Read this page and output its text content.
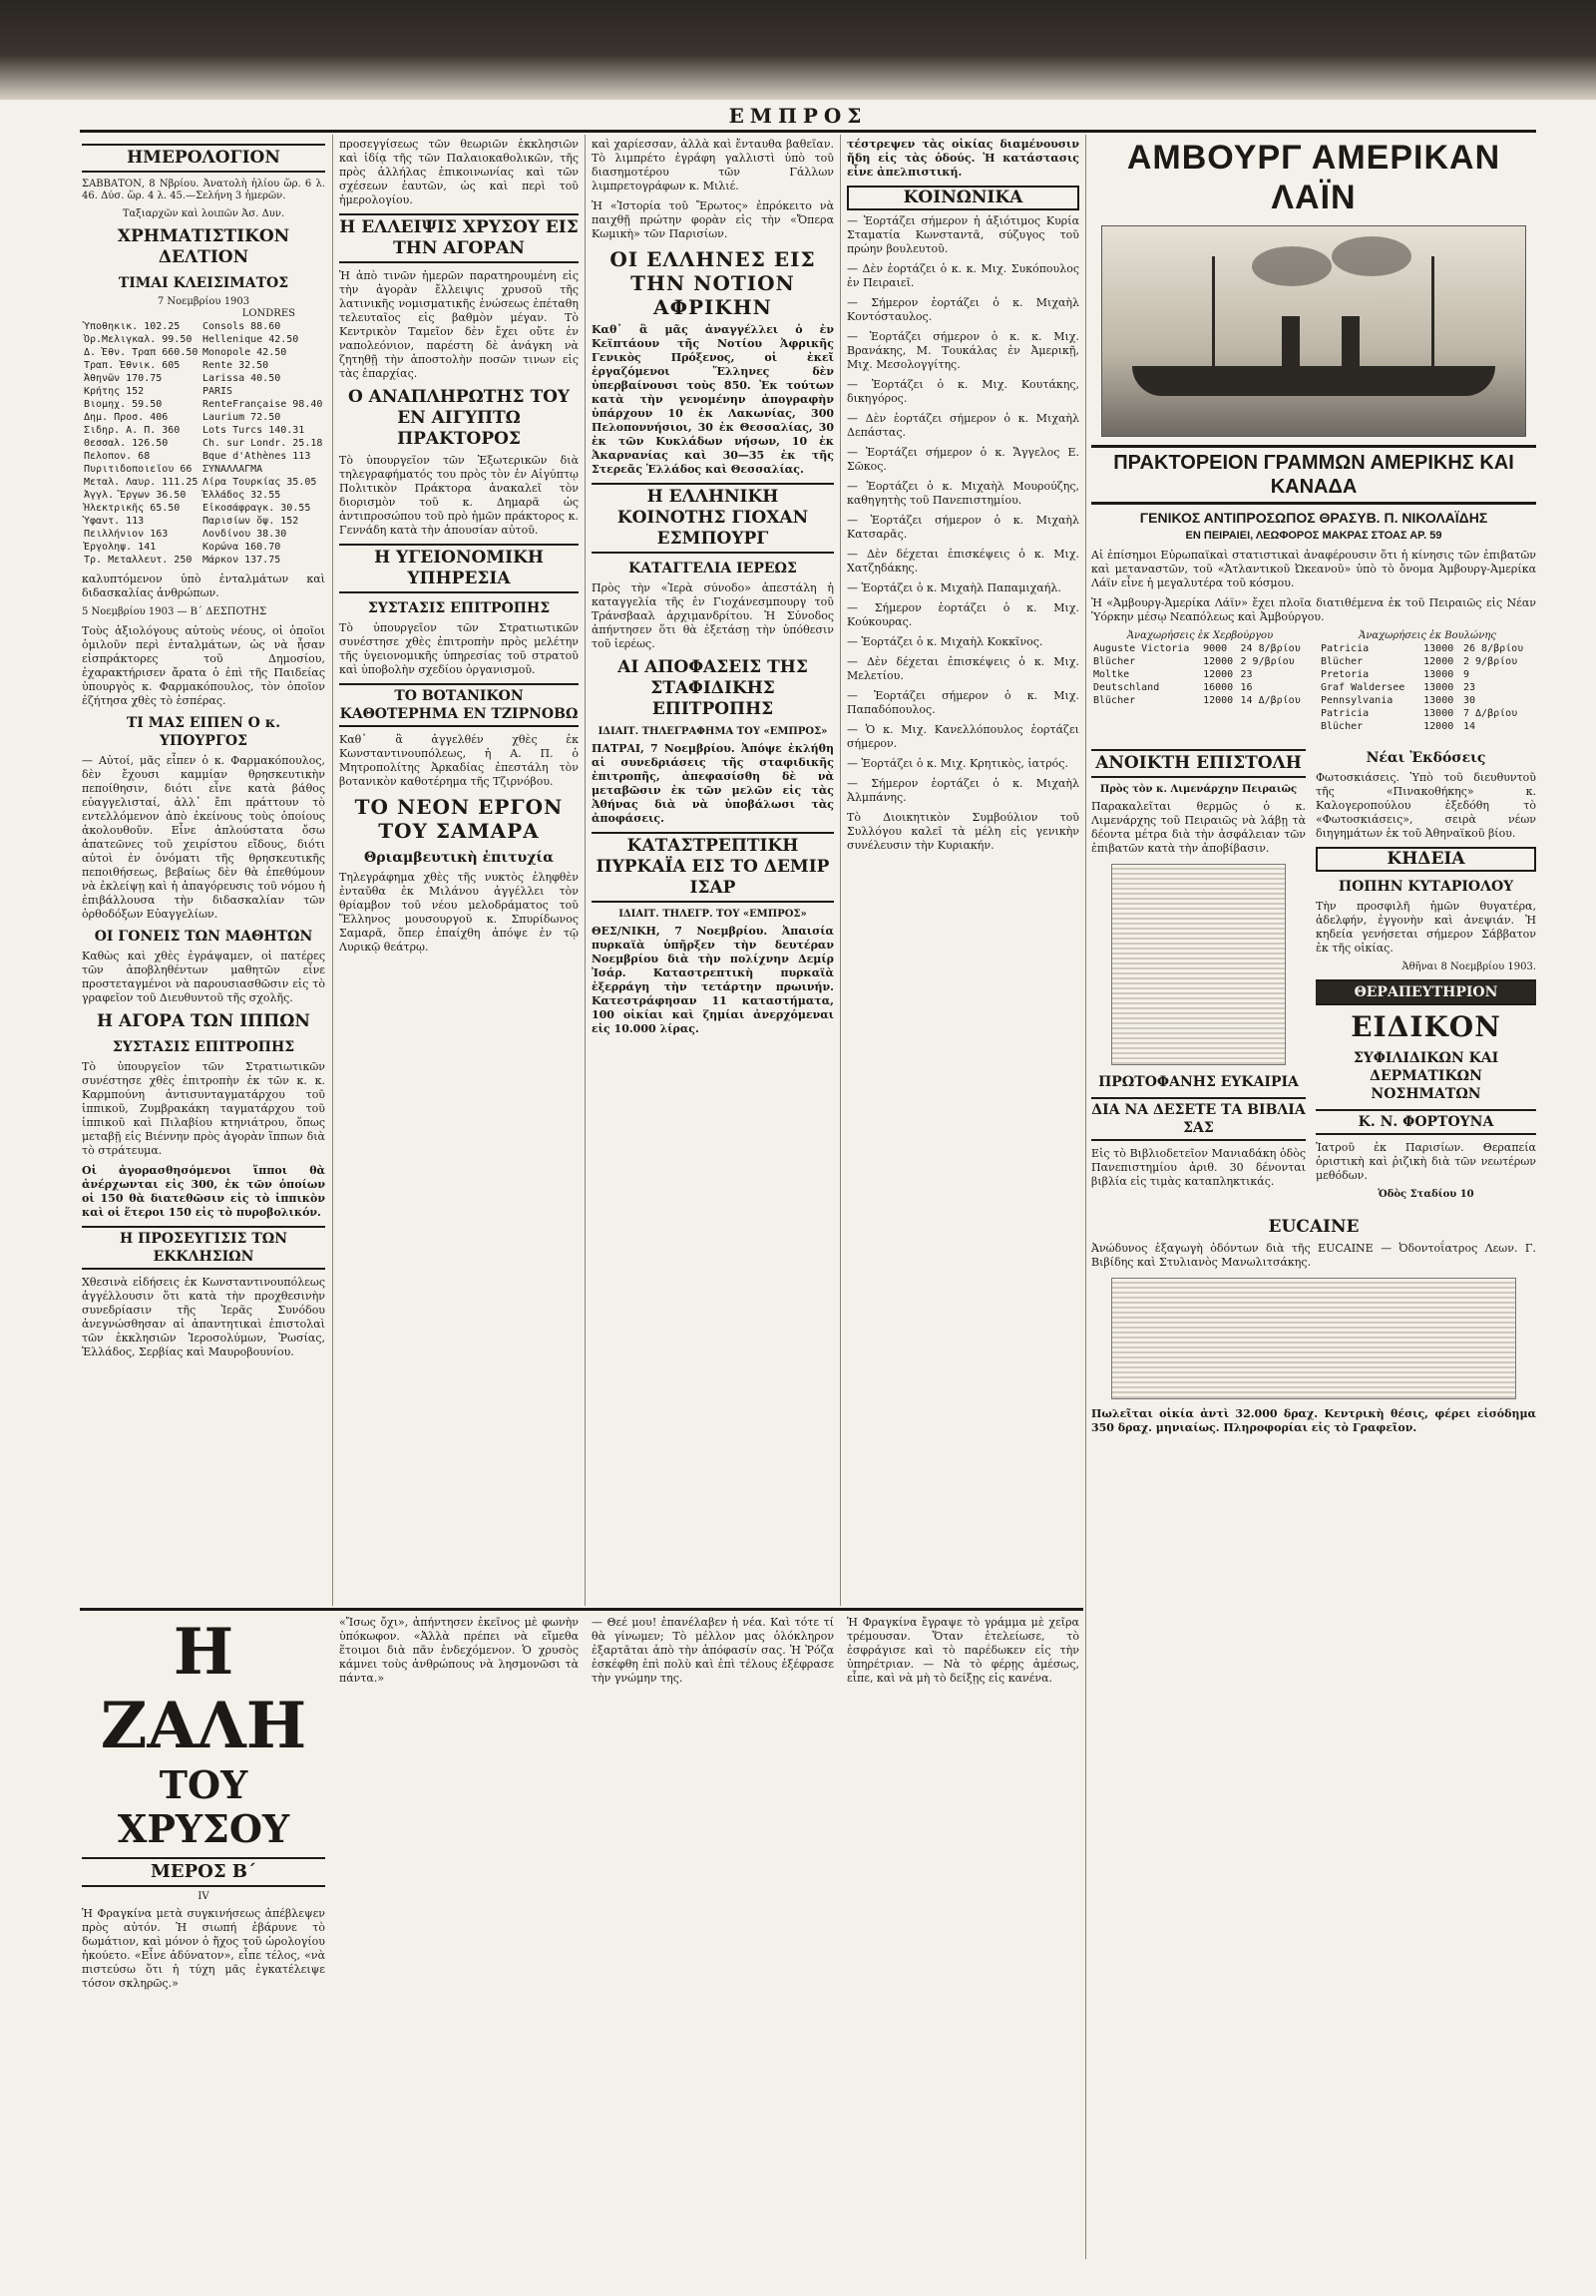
ΕΜΠΡΟΣ
ΗΜΕΡΟΛΟΓΙΟΝ

ΣΑΒΒΑΤΟΝ, 8 Νβρίου. Ἀνατολὴ ἡλίου ὥρ. 6 λ. 46. Δύσ. ὥρ. 4 λ. 45.—Σελήνη 3 ἡμερῶν.

Ταξιαρχῶν καὶ λοιπῶν Ἀσ. Δυν.

ΧΡΗΜΑΤΙΣΤΙΚΟΝ ΔΕΛΤΙΟΝ
ΤΙΜΑΙ ΚΛΕΙΣΙΜΑΤΟΣ
7 Νοεμβρίου 1903
LONDRES
Ὑποθηκικ. 102.25	Consols 88.60
Ὀρ.Μελιγκαλ. 99.50	Hellenique 42.50
Δ. Ἐθν. Τραπ 660.50	Monopole 42.50
Τραπ. Ἐθνικ. 605	Rente 32.50
Ἀθηνῶν 170.75	Larissa 40.50
Κρήτης 152	PARIS
Βιομηχ. 59.50	RenteFrançaise 98.40
Δημ. Προσ. 406	Laurium 72.50
Σιδηρ. Α. Π. 360	Lots Turcs 140.31
Θεσσαλ. 126.50	Ch. sur Londr. 25.18
Πελοπον. 68	Bque d'Athènes 113
Πυριτιδοποιεῖου 66	ΣΥΝΑΛΛΑΓΜΑ
Μεταλ. Λαυρ. 111.25	Λίρα Τουρκίας 35.05
Ἀγγλ. Ἔργων 36.50	Ἑλλάδος 32.55
Ἠλεκτρικῆς 65.50	Εἰκοσάφραγκ. 30.55
Ὑφαντ. 113	Παρισίων ὄψ. 152
Πειλλήνιον 163	Λονδίνου 38.30
Ἐργοληψ. 141	Κορώνα 160.70
Τρ. Μεταλλευτ. 250	Μάρκον 137.75

καλυπτόμενον ὑπὸ ἐνταλμάτων καὶ διδασκαλίας ἀνθρώπων.

5 Νοεμβρίου 1903 — Β΄ ΔΕΣΠΟΤΗΣ

Τοὺς ἀξιολόγους αὐτοὺς νέους, οἱ ὁποῖοι ὁμιλοῦν περὶ ἐνταλμάτων, ὡς νὰ ἦσαν εἰσπράκτορες τοῦ Δημοσίου, ἐχαρακτήρισεν ἄρατα ὁ ἐπὶ τῆς Παιδείας ὑπουργὸς κ. Φαρμακόπουλος, τὸν ὁποῖον ἐζήτησα χθὲς τὸ ἑσπέρας.

ΤΙ ΜΑΣ ΕΙΠΕΝ Ο κ. ΥΠΟΥΡΓΟΣ

— Αὐτοί, μᾶς εἶπεν ὁ κ. Φαρμακόπουλος, δὲν ἔχουσι καμμίαν θρησκευτικὴν πεποίθησιν, διότι εἶνε κατὰ βάθος εὐαγγελισταί, ἀλλ᾿ ἔπι πράττουν τὸ εντελλόμενον ἀπὸ ἐκείνους τοὺς ὁποίους ἀκολουθοῦν. Εἶνε ἀπλούστατα ὄσω ἀπατεῶνες τοῦ χειρίστου εἴδους, διότι αὐτοὶ ἐν ὀνόματι τῆς θρησκευτικῆς πεποιθήσεως, βεβαίως δὲν θὰ ἐπεθύμουν νὰ ἐκλείψῃ καὶ ἡ ἀπαγόρευσις τοῦ νόμου ἡ ἐπιβάλλουσα τὴν διδασκαλίαν τῶν ὀρθοδόξων Εὐαγγελίων.

ΟΙ ΓΟΝΕΙΣ ΤΩΝ ΜΑΘΗΤΩΝ

Καθὼς καὶ χθὲς ἐγράψαμεν, οἱ πατέρες τῶν ἀποβληθέντων μαθητῶν εἶνε προστεταγμένοι νὰ παρουσιασθῶσιν εἰς τὸ γραφεῖον τοῦ Διευθυντοῦ τῆς σχολῆς.

Η ΑΓΟΡΑ ΤΩΝ ΙΠΠΩΝ
ΣΥΣΤΑΣΙΣ ΕΠΙΤΡΟΠΗΣ

Τὸ ὑπουργεῖον τῶν Στρατιωτικῶν συνέστησε χθὲς ἐπιτροπὴν ἐκ τῶν κ. κ. Καρμπούνη ἀντισυνταγματάρχου τοῦ ἱππικοῦ, Ζυμβρακάκη ταγματάρχου τοῦ ἱππικοῦ καὶ Πιλαβίου κτηνιάτρου, ὅπως μεταβῇ εἰς Βιέννην πρὸς ἀγορὰν ἵππων διὰ τὸ στράτευμα.

Οἱ ἀγορασθησόμενοι ἵπποι θὰ ἀνέρχωνται εἰς 300, ἐκ τῶν ὁποίων οἱ 150 θὰ διατεθῶσιν εἰς τὸ ἱππικὸν καὶ οἱ ἕτεροι 150 εἰς τὸ πυροβολικόν.

Η ΠΡΟΣΕΥΓΙΣΙΣ ΤΩΝ ΕΚΚΛΗΣΙΩΝ

Χθεσινὰ εἰδήσεις ἐκ Κωνσταντινουπόλεως ἀγγέλλουσιν ὅτι κατὰ τὴν προχθεσινὴν συνεδρίασιν τῆς Ἱερᾶς Συνόδου ἀνεγνώσθησαν αἱ ἀπαντητικαὶ ἐπιστολαὶ τῶν ἐκκλησιῶν Ἱεροσολύμων, Ῥωσίας, Ἑλλάδος, Σερβίας καὶ Μαυροβουνίου.

προσεγγίσεως τῶν θεωριῶν ἐκκλησιῶν καὶ ἰδίᾳ τῆς τῶν Παλαιοκαθολικῶν, τῆς πρὸς ἀλλήλας ἐπικοινωνίας καὶ τῶν σχέσεων ἑαυτῶν, ὡς καὶ περὶ τοῦ ἡμερολογίου.

Η ΕΛΛΕΙΨΙΣ ΧΡΥΣΟΥ ΕΙΣ ΤΗΝ ΑΓΟΡΑΝ

Ἡ ἀπὸ τινῶν ἡμερῶν παρατηρουμένη εἰς τὴν ἀγορὰν ἔλλειψις χρυσοῦ τῆς λατινικῆς νομισματικῆς ἑνώσεως ἐπέταθη τελευταῖος εἰς βαθμὸν μέγαν. Τὸ Κεντρικὸν Ταμεῖον δὲν ἔχει οὔτε ἐν ναπολεόνιον, παρέστη δὲ ἀνάγκη νὰ ζητηθῇ τὴν ἀποστολὴν ποσῶν τινων εἰς τὰς ἐπαρχίας.

Ο ΑΝΑΠΛΗΡΩΤΗΣ ΤΟΥ ΕΝ ΑΙΓΥΠΤΩ ΠΡΑΚΤΟΡΟΣ

Τὸ ὑπουργεῖον τῶν Ἐξωτερικῶν διὰ τηλεγραφήματός του πρὸς τὸν ἐν Αἰγύπτῳ Πολιτικὸν Πράκτορα ἀνακαλεῖ τὸν διορισμὸν τοῦ κ. Δημαρᾶ ὡς ἀντιπροσώπου τοῦ πρὸ ἡμῶν πράκτορος κ. Γεννάδη κατὰ τὴν ἀπουσίαν αὐτοῦ.

Η ΥΓΕΙΟΝΟΜΙΚΗ ΥΠΗΡΕΣΙΑ
ΣΥΣΤΑΣΙΣ ΕΠΙΤΡΟΠΗΣ

Τὸ ὑπουργεῖον τῶν Στρατιωτικῶν συνέστησε χθὲς ἐπιτροπὴν πρὸς μελέτην τῆς ὑγειονομικῆς ὑπηρεσίας τοῦ στρατοῦ καὶ ὑποβολὴν σχεδίου ὀργανισμοῦ.

ΤΟ ΒΟΤΑΝΙΚΟΝ ΚΑΘΟΤΕΡΗΜΑ ΕΝ ΤΖΙΡΝΟΒΩ

Καθ᾿ ἃ ἀγγελθέν χθὲς ἐκ Κωνσταντινουπόλεως, ἡ Α. Π. ὁ Μητροπολίτης Ἀρκαδίας ἐπεστάλη τὸν βοτανικὸν καθοτέρημα τῆς Τζιρνόβου.

ΤΟ ΝΕΟΝ ΕΡΓΟΝ ΤΟΥ ΣΑΜΑΡΑ
Θριαμβευτικὴ ἐπιτυχία

Τηλεγράφημα χθὲς τῆς νυκτὸς ἐληφθὲν ἐνταῦθα ἐκ Μιλάνου ἀγγέλλει τὸν θρίαμβον τοῦ νέου μελοδράματος τοῦ Ἕλληνος μουσουργοῦ κ. Σπυρίδωνος Σαμαρᾶ, ὅπερ ἐπαίχθη ἀπόψε ἐν τῷ Λυρικῷ θεάτρῳ.

καὶ χαρίεσσαν, ἀλλὰ καὶ ἔνταυθα βαθεῖαν. Τὸ λιμπρέτο ἐγράφη γαλλιστὶ ὑπὸ τοῦ διασημοτέρου τῶν Γάλλων λιμπρετογράφων κ. Μιλιέ.

Ἡ «Ἱστορία τοῦ Ἔρωτος» ἐπρόκειτο νὰ παιχθῇ πρώτην φορὰν εἰς τὴν «Ὄπερα Κωμικὴ» τῶν Παρισίων.

ΟΙ ΕΛΛΗΝΕΣ ΕΙΣ ΤΗΝ ΝΟΤΙΟΝ ΑΦΡΙΚΗΝ

Καθ᾿ ἃ μᾶς ἀναγγέλλει ὁ ἐν Κεϊπτάουν τῆς Νοτίου Ἀφρικῆς Γενικὸς Πρόξενος, οἱ ἐκεῖ ἐργαζόμενοι Ἕλληνες δὲν ὑπερβαίνουσι τοὺς 850. Ἐκ τούτων κατὰ τὴν γενομένην ἀπογραφὴν ὑπάρχουν 10 ἐκ Λακωνίας, 300 Πελοποννήσιοι, 30 ἐκ Θεσσαλίας, 30 ἐκ τῶν Κυκλάδων νήσων, 10 ἐκ Ἀκαρνανίας καὶ 30—35 ἐκ τῆς Στερεᾶς Ἑλλάδος καὶ Θεσσαλίας.

Η ΕΛΛΗΝΙΚΗ ΚΟΙΝΟΤΗΣ ΓΙΟΧΑΝ ΕΣΜΠΟΥΡΓ
ΚΑΤΑΓΓΕΛΙΑ ΙΕΡΕΩΣ

Πρὸς τὴν «Ἱερὰ σύνοδο» ἀπεστάλη ἡ καταγγελία τῆς ἐν Γιοχάνεσμπουργ τοῦ Τράνσβααλ ἀρχιμανδρίτου. Ἡ Σύνοδος ἀπήντησεν ὅτι θὰ ἐξετάσῃ τὴν ὑπόθεσιν τοῦ ἱερέως.

ΑΙ ΑΠΟΦΑΣΕΙΣ ΤΗΣ ΣΤΑΦΙΔΙΚΗΣ ΕΠΙΤΡΟΠΗΣ
ΙΔΙΑΙΤ. ΤΗΛΕΓΡΑΦΗΜΑ ΤΟΥ «ΕΜΠΡΟΣ»

ΠΑΤΡΑΙ, 7 Νοεμβρίου. Ἀπόψε ἐκλήθη αἱ συνεδριάσεις τῆς σταφιδικῆς ἐπιτροπῆς, ἀπεφασίσθη δὲ νὰ μεταβῶσιν ἐκ τῶν μελῶν εἰς τὰς Ἀθήνας διὰ νὰ ὑποβάλωσι τὰς ἀποφάσεις.

ΚΑΤΑΣΤΡΕΠΤΙΚΗ ΠΥΡΚΑΪΑ ΕΙΣ ΤΟ ΔΕΜΙΡ ΙΣΑΡ
ΙΔΙΑΙΤ. ΤΗΛΕΓΡ. ΤΟΥ «ΕΜΠΡΟΣ»

ΘΕΣ/ΝΙΚΗ, 7 Νοεμβρίου. Ἀπαισία πυρκαϊὰ ὑπῆρξεν τὴν δευτέραν Νοεμβρίου διὰ τὴν πολίχνην Δεμίρ Ἰσάρ. Καταστρεπτικὴ πυρκαϊὰ ἐξερράγη τὴν τετάρτην πρωινήν. Κατεστράφησαν 11 καταστήματα, 100 οἰκίαι καὶ ζημίαι ἀνερχόμεναι εἰς 10.000 λίρας.

τέστρεψεν τὰς οἰκίας διαμένουσιν ἤδη εἰς τὰς ὁδούς. Ἡ κατάστασις εἶνε ἀπελπιστική.

ΚΟΙΝΩΝΙΚΑ

— Ἑορτάζει σήμερον ἡ ἀξιότιμος Κυρία Σταματία Κωνσταντᾶ, σύζυγος τοῦ πρώην βουλευτοῦ.

— Δὲν ἑορτάζει ὁ κ. κ. Μιχ. Συκόπουλος ἐν Πειραιεῖ.

— Σήμερον ἑορτάζει ὁ κ. Μιχαὴλ Κοντόσταυλος.

— Ἑορτάζει σήμερον ὁ κ. κ. Μιχ. Βρανάκης, Μ. Τουκάλας ἐν Ἀμερικῇ, Μιχ. Μεσολογγίτης.

— Ἑορτάζει ὁ κ. Μιχ. Κουτάκης, δικηγόρος.

— Δὲν ἑορτάζει σήμερον ὁ κ. Μιχαὴλ Δεπάστας.

— Ἑορτάζει σήμερον ὁ κ. Ἄγγελος Ε. Σῶκος.

— Ἑορτάζει ὁ κ. Μιχαὴλ Μουρούζης, καθηγητὴς τοῦ Πανεπιστημίου.

— Ἑορτάζει σήμερον ὁ κ. Μιχαὴλ Κατσαρᾶς.

— Δὲν δέχεται ἐπισκέψεις ὁ κ. Μιχ. Χατζηδάκης.

— Ἑορτάζει ὁ κ. Μιχαὴλ Παπαμιχαήλ.

— Σήμερον ἑορτάζει ὁ κ. Μιχ. Κούκουρας.

— Ἑορτάζει ὁ κ. Μιχαὴλ Κοκκῖνος.

— Δὲν δέχεται ἐπισκέψεις ὁ κ. Μιχ. Μελετίου.

— Ἑορτάζει σήμερον ὁ κ. Μιχ. Παπαδόπουλος.

— Ὁ κ. Μιχ. Κανελλόπουλος ἑορτάζει σήμερον.

— Ἑορτάζει ὁ κ. Μιχ. Κρητικὸς, ἰατρός.

— Σήμερον ἑορτάζει ὁ κ. Μιχαὴλ Ἀλμπάνης.

Τὸ Διοικητικὸν Συμβούλιον τοῦ Συλλόγου καλεῖ τὰ μέλη εἰς γενικὴν συνέλευσιν τὴν Κυριακήν.

ΑΜΒΟΥΡΓ ΑΜΕΡΙΚΑΝ ΛΑΪΝ
ΠΡΑΚΤΟΡΕΙΟΝ ΓΡΑΜΜΩΝ ΑΜΕΡΙΚΗΣ ΚΑΙ ΚΑΝΑΔΑ
ΓΕΝΙΚΟΣ ΑΝΤΙΠΡΟΣΩΠΟΣ ΘΡΑΣΥΒ. Π. ΝΙΚΟΛΑΪΔΗΣ
ΕΝ ΠΕΙΡΑΙΕΙ, ΛΕΩΦΟΡΟΣ ΜΑΚΡΑΣ ΣΤΟΑΣ ΑΡ. 59

Αἱ ἐπίσημοι Εὐρωπαϊκαὶ στατιστικαὶ ἀναφέρουσιν ὅτι ἡ κίνησις τῶν ἐπιβατῶν καὶ μεταναστῶν, τοῦ «Ἀτλαντικοῦ Ὠκεανοῦ» ὑπὸ τὸ ὄνομα Ἀμβουργ-Ἀμερίκα Λάϊν εἶνε ἡ μεγαλυτέρα τοῦ κόσμου.

Ἡ «Ἀμβουργ-Ἀμερίκα Λάϊν» ἔχει πλοῖα διατιθέμενα ἐκ τοῦ Πειραιῶς εἰς Νέαν Ὑόρκην μέσῳ Νεαπόλεως καὶ Ἀμβούργου.

Ἀναχωρήσεις ἐκ Χερβούργου
Auguste Victoria	9000	24 8/βρίου
Blücher	12000	2 9/βρίου
Moltke	12000	23
Deutschland	16000	16
Blücher	12000	14 Δ/βρίου
Ἀναχωρήσεις ἐκ Βουλώνης
Patricia	13000	26 8/βρίου
Blücher	12000	2 9/βρίου
Pretoria	13000	9
Graf Waldersee	13000	23
Pennsylvania	13000	30
Patricia	13000	7 Δ/βρίου
Blücher	12000	14
ΑΝΟΙΚΤΗ ΕΠΙΣΤΟΛΗ
Πρὸς τὸν κ. Λιμενάρχην Πειραιῶς

Παρακαλεῖται θερμῶς ὁ κ. Λιμενάρχης τοῦ Πειραιῶς νὰ λάβῃ τὰ δέοντα μέτρα διὰ τὴν ἀσφάλειαν τῶν ἐπιβατῶν κατὰ τὴν ἀποβίβασιν.

ΠΡΩΤΟΦΑΝΗΣ ΕΥΚΑΙΡΙΑ
ΔΙΑ ΝΑ ΔΕΣΕΤΕ ΤΑ ΒΙΒΛΙΑ ΣΑΣ

Εἰς τὸ Βιβλιοδετεῖον Μανιαδάκη ὁδὸς Πανεπιστημίου ἀριθ. 30 δένονται βιβλία εἰς τιμὰς καταπληκτικάς.

Νέαι Ἐκδόσεις

Φωτοσκιάσεις. Ὑπὸ τοῦ διευθυντοῦ τῆς «Πινακοθήκης» κ. Καλογεροπούλου ἐξεδόθη τὸ «Φωτοσκιάσεις», σειρὰ νέων διηγημάτων ἐκ τοῦ Ἀθηναϊκοῦ βίου.

ΚΗΔΕΙΑ
ΠΟΠΗΝ ΚΥΤΑΡΙΟΛΟΥ

Τὴν προσφιλῆ ἡμῶν θυγατέρα, ἀδελφήν, ἐγγονὴν καὶ ἀνεψιάν. Ἡ κηδεία γενήσεται σήμερον Σάββατον ἐκ τῆς οἰκίας.

Ἀθῆναι 8 Νοεμβρίου 1903.

ΘΕΡΑΠΕΥΤΗΡΙΟΝ
ΕΙΔΙΚΟΝ
ΣΥΦΙΛΙΔΙΚΩΝ ΚΑΙ ΔΕΡΜΑΤΙΚΩΝ ΝΟΣΗΜΑΤΩΝ
Κ. Ν. ΦΟΡΤΟΥΝΑ

Ἰατροῦ ἐκ Παρισίων. Θεραπεία ὁριστικὴ καὶ ῥιζικὴ διὰ τῶν νεωτέρων μεθόδων.

Ὁδὸς Σταδίου 10

ΕUCAINE

Ἀνώδυνος ἐξαγωγὴ ὀδόντων διὰ τῆς EUCAINE — Ὀδοντοΐατρος Λεων. Γ. Βιβίδης καὶ Στυλιανὸς Μανωλιτσάκης.

Πωλεῖται οἰκία ἀντὶ 32.000 δραχ. Κεντρικὴ θέσις, φέρει εἰσόδημα 350 δραχ. μηνιαίως. Πληροφορίαι εἰς τὸ Γραφεῖον.

Η ΖΑΛΗ
ΤΟΥ ΧΡΥΣΟΥ
ΜΕΡΟΣ Β΄
IV

Ἡ Φραγκίνα μετὰ συγκινήσεως ἀπέβλεψεν πρὸς αὐτόν. Ἡ σιωπή ἐβάρυνε τὸ δωμάτιον, καὶ μόνον ὁ ἤχος τοῦ ὡρολογίου ἠκούετο. «Εἶνε ἀδύνατον», εἶπε τέλος, «νὰ πιστεύσω ὅτι ἡ τύχη μᾶς ἐγκατέλειψε τόσον σκληρῶς.»

«Ἴσως ὄχι», ἀπήντησεν ἐκεῖνος μὲ φωνὴν ὑπόκωφον. «Ἀλλὰ πρέπει νὰ εἴμεθα ἕτοιμοι διὰ πᾶν ἐνδεχόμενον. Ὁ χρυσὸς κάμνει τοὺς ἀνθρώπους νὰ λησμονῶσι τὰ πάντα.»

— Θεέ μου! ἐπανέλαβεν ἡ νέα. Καὶ τότε τί θὰ γίνωμεν; Τὸ μέλλον μας ὁλόκληρον ἐξαρτᾶται ἀπὸ τὴν ἀπόφασίν σας. Ἡ Ῥόζα ἐσκέφθη ἐπὶ πολὺ καὶ ἐπὶ τέλους ἐξέφρασε τὴν γνώμην της.

Ἡ Φραγκίνα ἔγραψε τὸ γράμμα μὲ χεῖρα τρέμουσαν. Ὅταν ἐτελείωσε, τὸ ἐσφράγισε καὶ τὸ παρέδωκεν εἰς τὴν ὑπηρέτριαν. — Νὰ τὸ φέρῃς ἀμέσως, εἶπε, καὶ νὰ μὴ τὸ δείξῃς εἰς κανένα.
